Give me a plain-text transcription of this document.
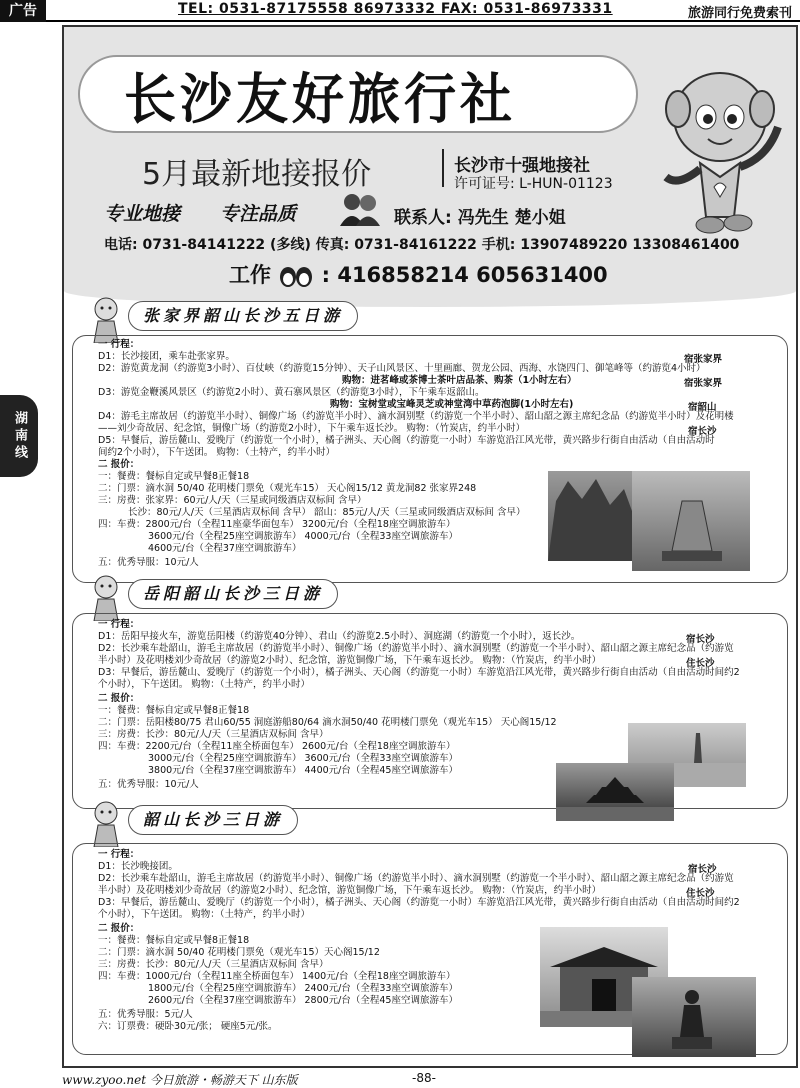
广告	TEL: 0531-87175558 86973332 FAX: 0531-86973331	旅游同行免费索刊
湖南线
长沙友好旅行社
5月最新地接报价	长沙市十强地接社
许可证号: L-HUN-01123
专业地接 专注品质	联系人: 冯先生 楚小姐
电话: 0731-84141222 (多线) 传真: 0731-84161222 手机: 13907489220 13308461400
工作 : 416858214 605631400
张家界韶山长沙五日游
一 行程：
D1：长沙接团，乘车赴张家界。
D2：游览黄龙洞（约游览3小时）、百仗峡（约游览15分钟）、天子山风景区、十里画廊、贺龙公园、西海、水饶四门、御笔峰等（约游览4小时）
购物：进茗峰或茶博士茶叶店品茶、购茶（1小时左右）
D3：游览金鞭溪风景区（约游览2小时）、黄石寨风景区（约游览3小时），下午乘车返韶山。
购物：宝树堂或宝峰灵芝或神堂湾中草药泡脚(1小时左右)
D4：游毛主席故居（约游览半小时）、铜像广场（约游览半小时）、滴水洞别墅（约游览一个半小时）、韶山韶之源主席纪念品（约游览半小时）及花明楼
——刘少奇故居、纪念馆，铜像广场（约游览2小时），下午乘车返长沙。 购物：（竹炭店，约半小时）
D5：早餐后，游岳麓山、爱晚厅（约游览一个小时），橘子洲头、天心阁（约游览一小时）车游览沿江风光带，黄兴路步行街自由活动（自由活动时
间约2个小时），下午送团。 购物：（土特产，约半小时）
宿张家界
宿张家界
宿韶山
宿长沙
二 报价：
一：餐费：餐标自定或早餐8正餐18
二：门票：滴水洞 50/40 花明楼门票免（观光车15） 天心阁15/12 黄龙洞82 张家界248
三：房费：张家界：60元/人/天（三星或同级酒店双标间 含早）
长沙：80元/人/天（三星酒店双标间 含早） 韶山：85元/人/天（三星或同级酒店双标间 含早）
四：车费：2800元/台（全程11座豪华面包车） 3200元/台（全程18座空调旅游车）
3600元/台（全程25座空调旅游车） 4000元/台（全程33座空调旅游车）
4600元/台（全程37座空调旅游车）
五：优秀导服：10元/人
岳阳韶山长沙三日游
一 行程：
D1：岳阳早接火车，游览岳阳楼（约游览40分钟）、君山（约游览2.5小时）、洞庭湖（约游览一个小时），返长沙。
D2：长沙乘车赴韶山，游毛主席故居（约游览半小时）、铜像广场（约游览半小时）、滴水洞别墅（约游览一个半小时）、韶山韶之源主席纪念品（约游览
半小时）及花明楼刘少奇故居（约游览2小时）、纪念馆，游览铜像广场，下午乘车返长沙。 购物：（竹炭店，约半小时）
D3：早餐后，游岳麓山、爱晚厅（约游览一个小时），橘子洲头、天心阁（约游览一小时）车游览沿江风光带，黄兴路步行街自由活动（自由活动时间约2
个小时），下午送团。 购物：（土特产，约半小时）
宿长沙
住长沙
二 报价：
一：餐费：餐标自定或早餐8正餐18
二：门票：岳阳楼80/75 君山60/55 洞庭游船80/64 滴水洞50/40 花明楼门票免（观光车15） 天心阁15/12
三：房费：长沙：80元/人/天（三星酒店双标间 含早）
四：车费：2200元/台（全程11座全桥面包车） 2600元/台（全程18座空调旅游车）
3000元/台（全程25座空调旅游车） 3600元/台（全程33座空调旅游车）
3800元/台（全程37座空调旅游车） 4400元/台（全程45座空调旅游车）
五：优秀导服：10元/人
韶山长沙三日游
一 行程：
D1：长沙晚接团。
D2：长沙乘车赴韶山，游毛主席故居（约游览半小时）、铜像广场（约游览半小时）、滴水洞别墅（约游览一个半小时）、韶山韶之源主席纪念品（约游览
半小时）及花明楼刘少奇故居（约游览2小时）、纪念馆，游览铜像广场，下午乘车返长沙。 购物：（竹炭店，约半小时）
D3：早餐后，游岳麓山、爱晚厅（约游览一个小时），橘子洲头、天心阁（约游览一小时）车游览沿江风光带，黄兴路步行街自由活动（自由活动时间约2
个小时），下午送团。 购物：（土特产，约半小时）
宿长沙
住长沙
二 报价：
一：餐费：餐标自定或早餐8正餐18
二：门票：滴水洞 50/40 花明楼门票免（观光车15）天心阁15/12
三：房费：长沙：80元/人/天（三星酒店双标间 含早）
四：车费：1000元/台（全程11座全桥面包车） 1400元/台（全程18座空调旅游车）
1800元/台（全程25座空调旅游车） 2400元/台（全程33座空调旅游车）
2600元/台（全程37座空调旅游车） 2800元/台（全程45座空调旅游车）
五：优秀导服：5元/人
六：订票费：硬卧30元/张； 硬座5元/张。
www.zyoo.net 今日旅游・畅游天下 山东版	-88-
